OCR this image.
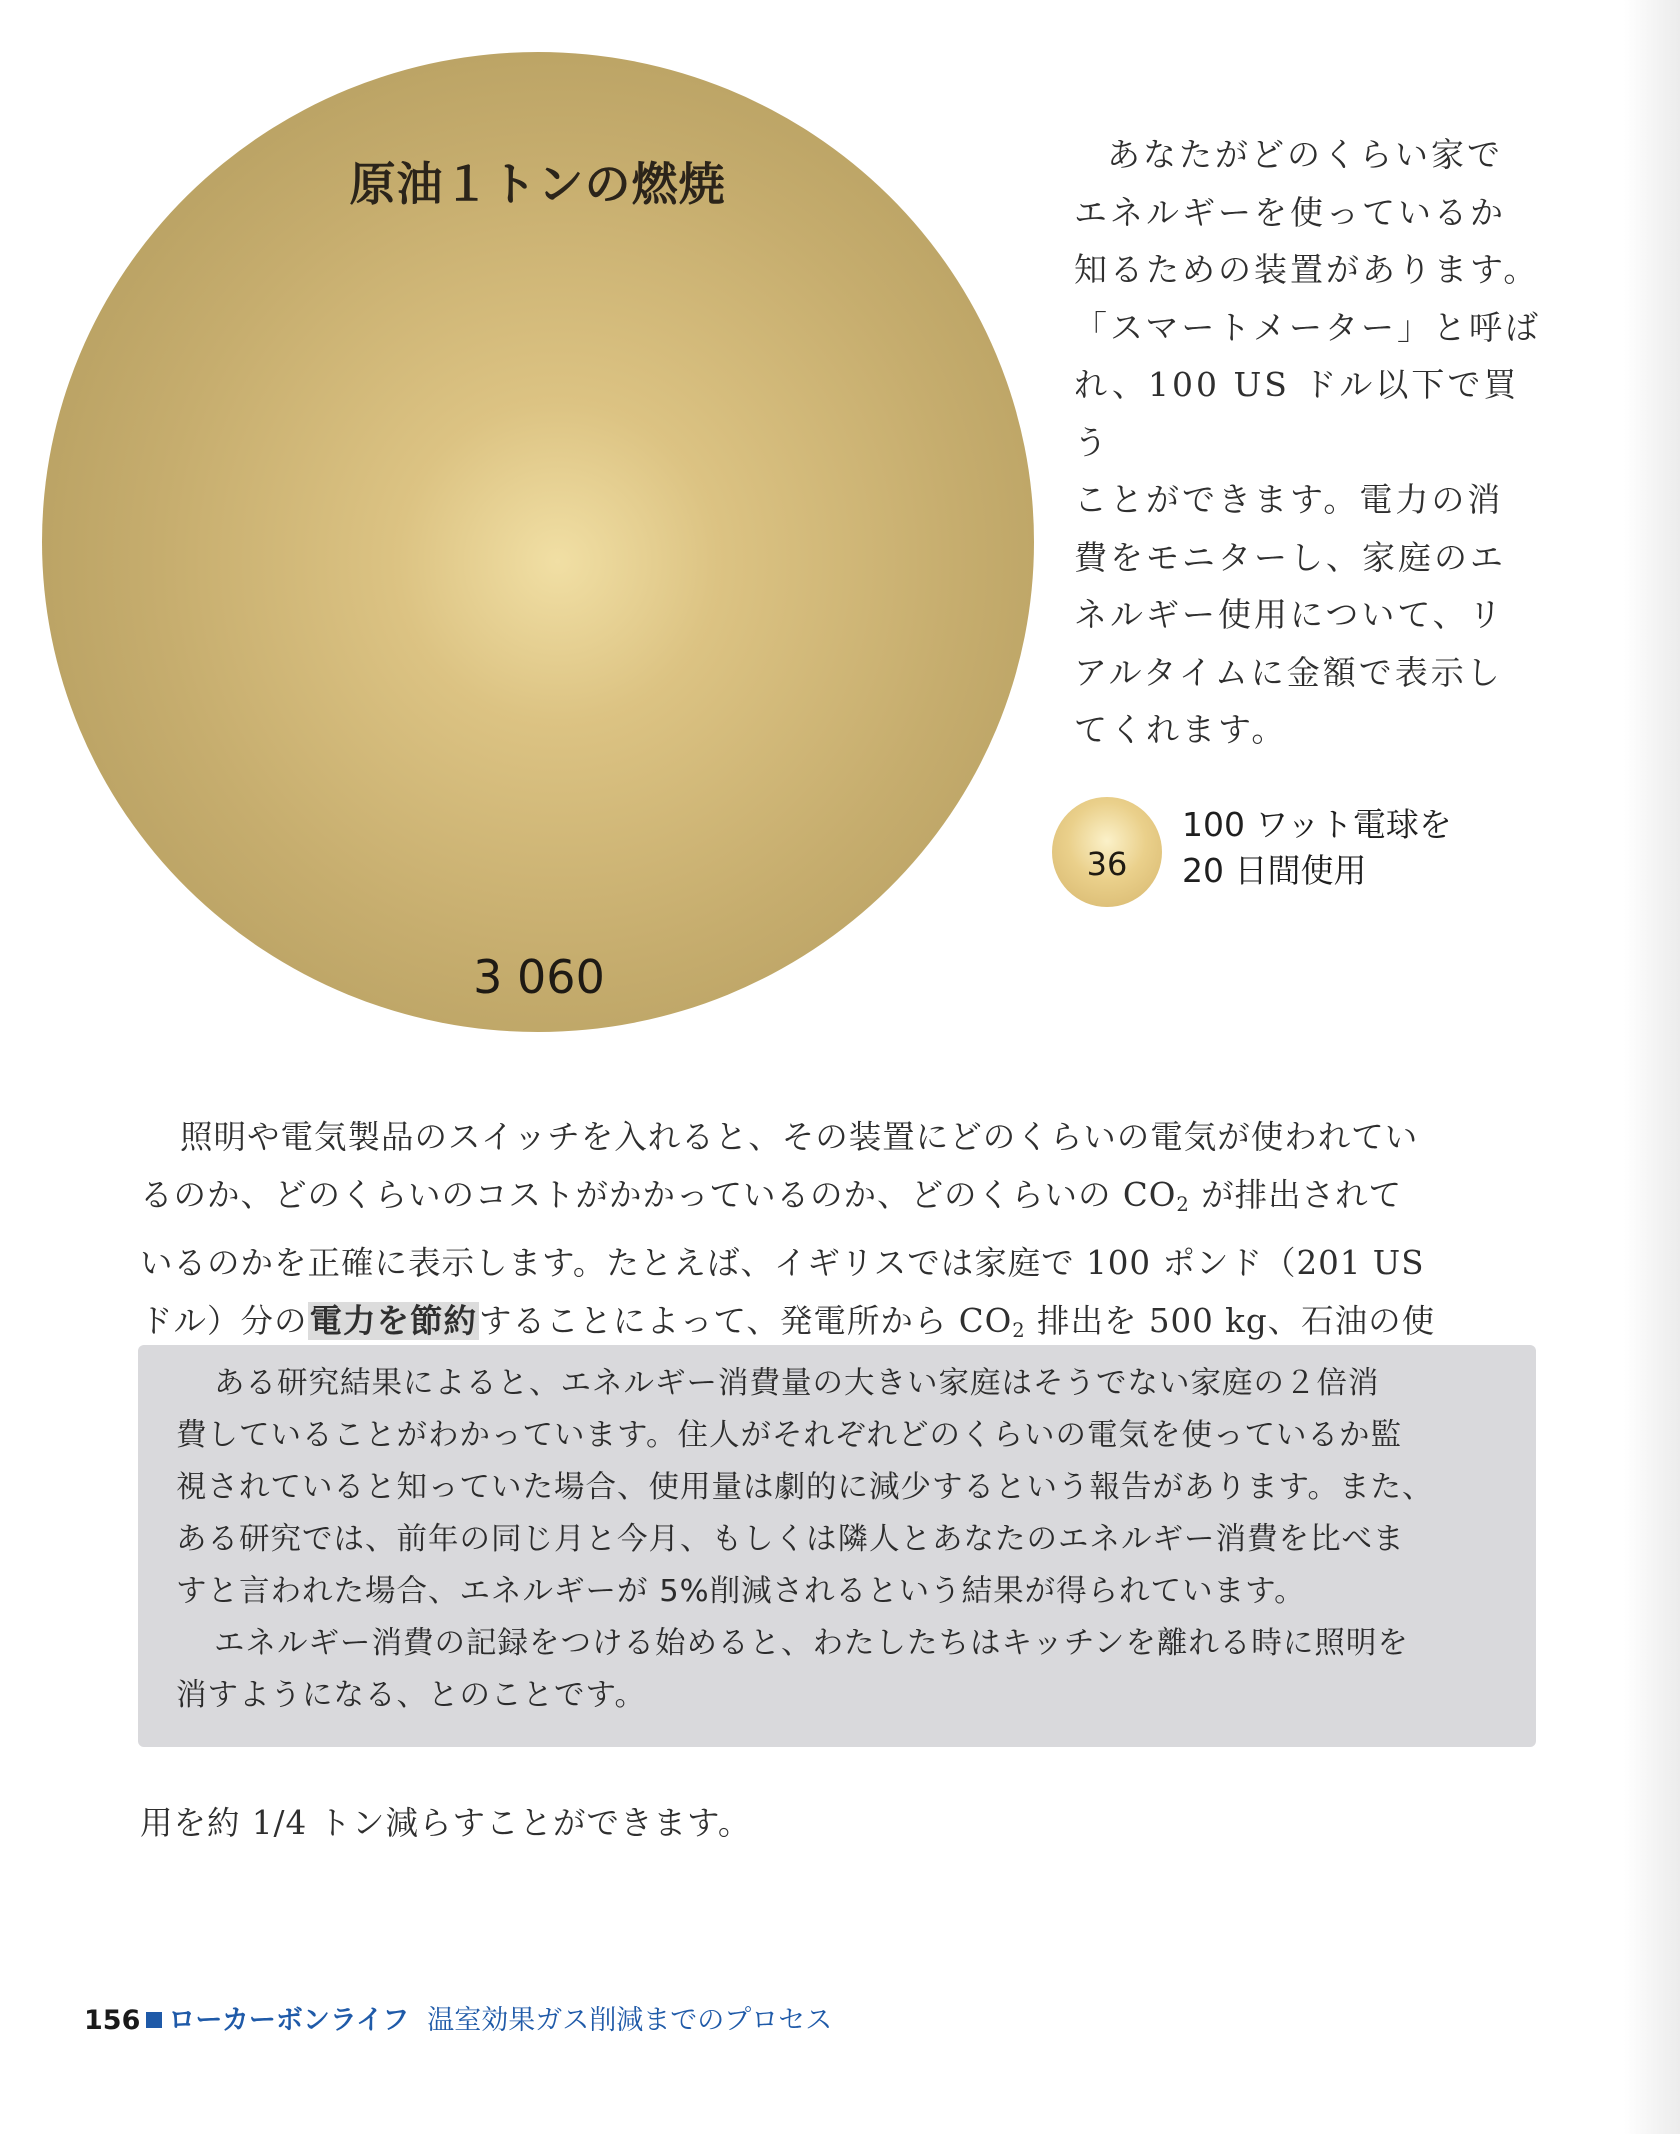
原油１トンの燃焼
3 060

あなたがどのくらい家で

エネルギーを使っているか
知るための装置があります。
「スマートメーター」と呼ば
れ、100 US ドル以下で買う
ことができます。電力の消
費をモニターし、家庭のエ
ネルギー使用について、リ
アルタイムに金額で表示し
てくれます。
36
100 ワット電球を
20 日間使用
照明や電気製品のスイッチを入れると、その装置にどのくらいの電気が使われてい
るのか、どのくらいのコストがかかっているのか、どのくらいの $CO_2$ が排出されて
いるのかを正確に表示します。たとえば、イギリスでは家庭で 100 ポンド（201 US
ドル）分の電力を節約することによって、発電所から $CO_2$ 排出を 500 kg、石油の使
ある研究結果によると、エネルギー消費量の大きい家庭はそうでない家庭の２倍消
費していることがわかっています。住人がそれぞれどのくらいの電気を使っているか監
視されていると知っていた場合、使用量は劇的に減少するという報告があります。また、
ある研究では、前年の同じ月と今月、もしくは隣人とあなたのエネルギー消費を比べま
すと言われた場合、エネルギーが 5%削減されるという結果が得られています。
エネルギー消費の記録をつける始めると、わたしたちはキッチンを離れる時に照明を
消すようになる、とのことです。
用を約 1/4 トン減らすことができます。
156 ローカーボンライフ 温室効果ガス削減までのプロセス
